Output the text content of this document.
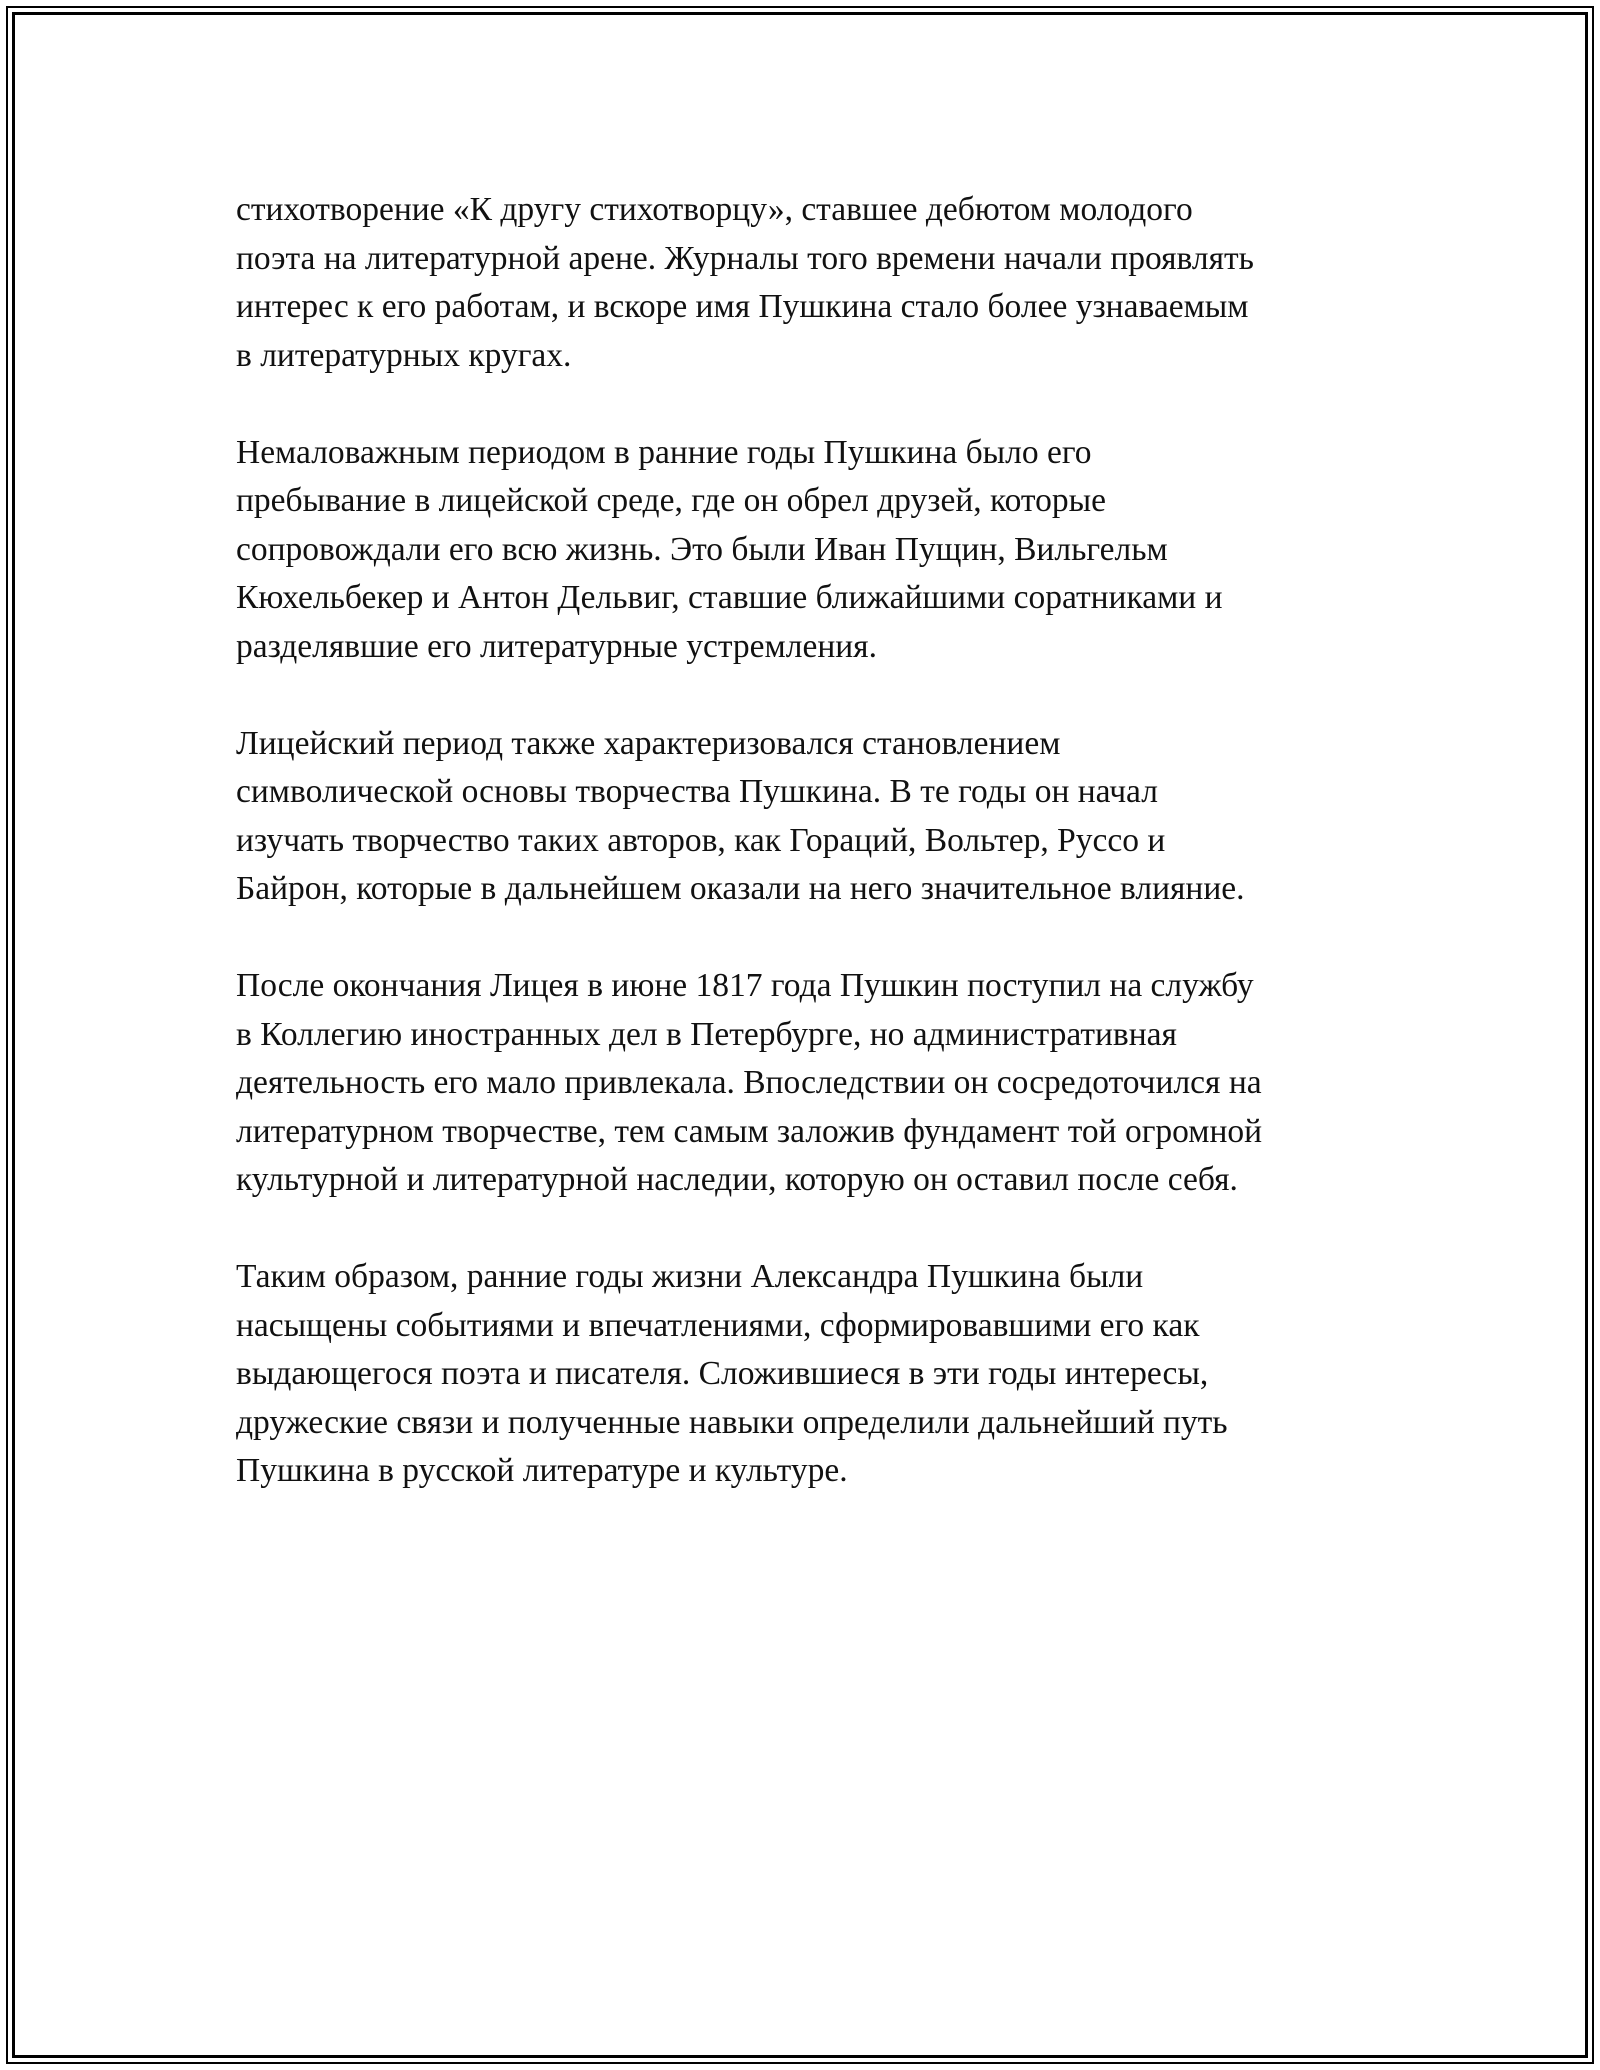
стихотворение «К другу стихотворцу», ставшее дебютом молодого
поэта на литературной арене. Журналы того времени начали проявлять
интерес к его работам, и вскоре имя Пушкина стало более узнаваемым
в литературных кругах.

Немаловажным периодом в ранние годы Пушкина было его
пребывание в лицейской среде, где он обрел друзей, которые
сопровождали его всю жизнь. Это были Иван Пущин, Вильгельм
Кюхельбекер и Антон Дельвиг, ставшие ближайшими соратниками и
разделявшие его литературные устремления.

Лицейский период также характеризовался становлением
символической основы творчества Пушкина. В те годы он начал
изучать творчество таких авторов, как Гораций, Вольтер, Руссо и
Байрон, которые в дальнейшем оказали на него значительное влияние.

После окончания Лицея в июне 1817 года Пушкин поступил на службу
в Коллегию иностранных дел в Петербурге, но административная
деятельность его мало привлекала. Впоследствии он сосредоточился на
литературном творчестве, тем самым заложив фундамент той огромной
культурной и литературной наследии, которую он оставил после себя.

Таким образом, ранние годы жизни Александра Пушкина были
насыщены событиями и впечатлениями, сформировавшими его как
выдающегося поэта и писателя. Сложившиеся в эти годы интересы,
дружеские связи и полученные навыки определили дальнейший путь
Пушкина в русской литературе и культуре.
